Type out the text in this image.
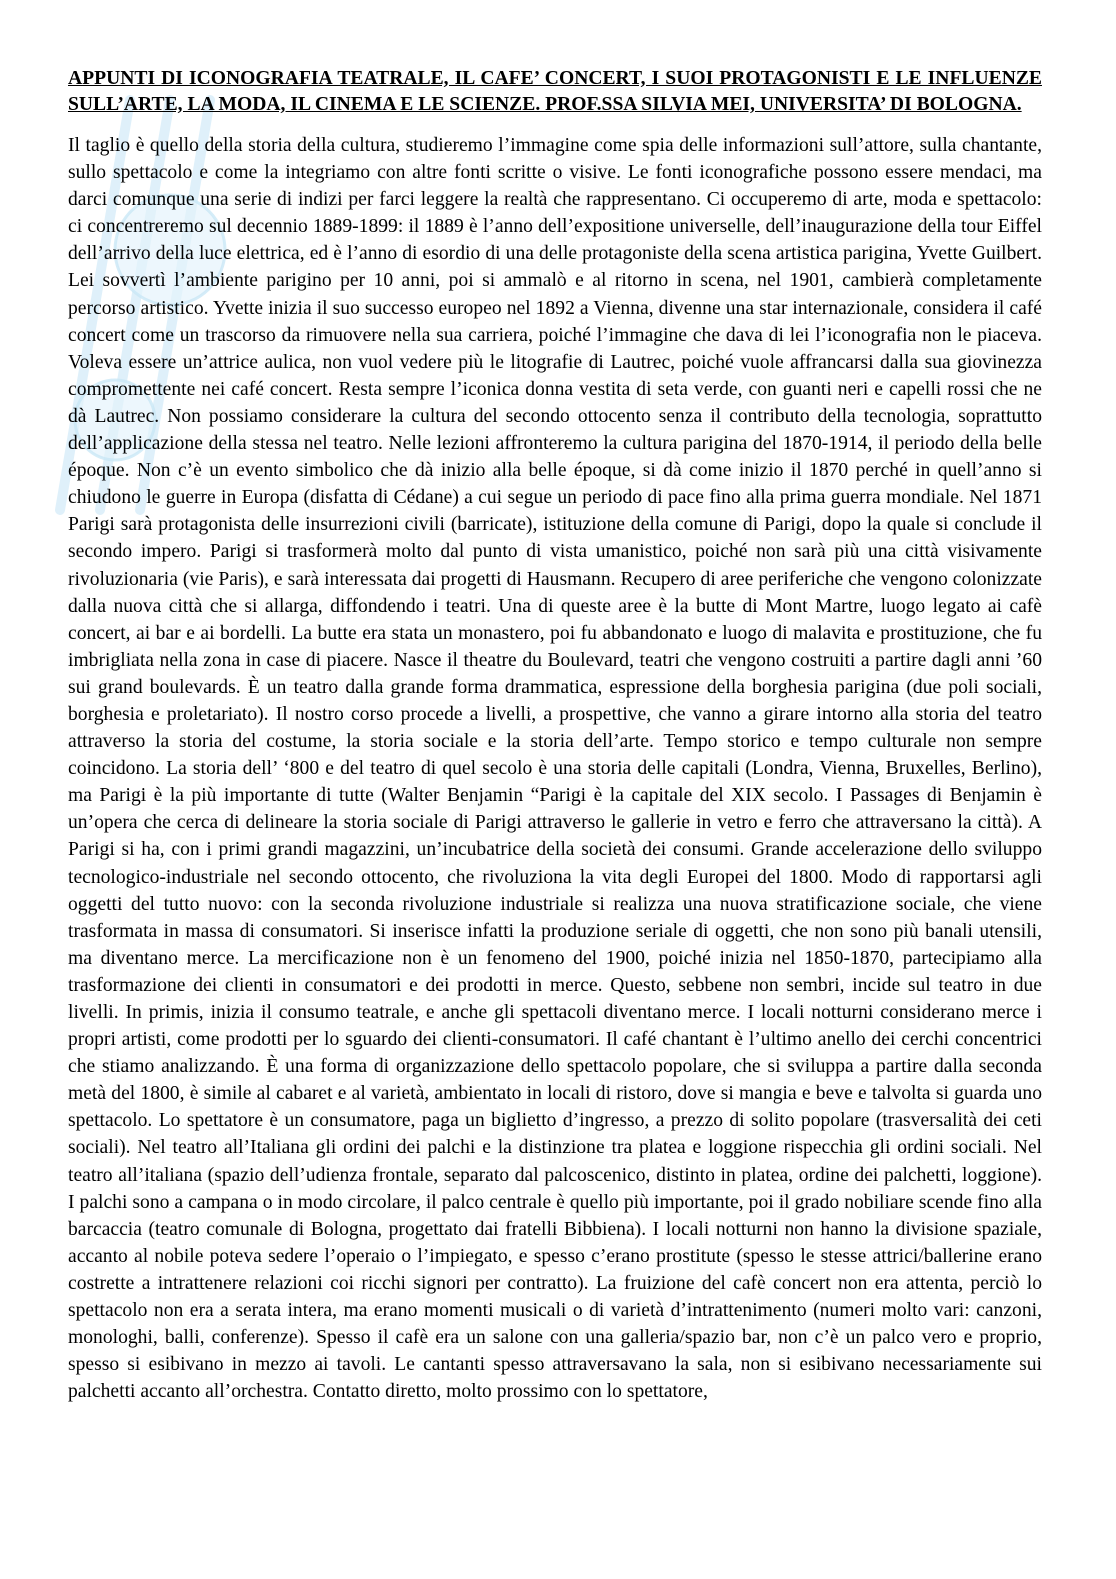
APPUNTI DI ICONOGRAFIA TEATRALE, IL CAFE’ CONCERT, I SUOI PROTAGONISTI E LE INFLUENZE SULL’ARTE, LA MODA, IL CINEMA E LE SCIENZE. PROF.SSA SILVIA MEI, UNIVERSITA’ DI BOLOGNA.

Il taglio è quello della storia della cultura, studieremo l’immagine come spia delle informazioni sull’attore, sulla chantante, sullo spettacolo e come la integriamo con altre fonti scritte o visive. Le fonti iconografiche possono essere mendaci, ma darci comunque una serie di indizi per farci leggere la realtà che rappresentano. Ci occuperemo di arte, moda e spettacolo: ci concentreremo sul decennio 1889-1899: il 1889 è l’anno dell’expositione universelle, dell’inaugurazione della tour Eiffel dell’arrivo della luce elettrica, ed è l’anno di esordio di una delle protagoniste della scena artistica parigina, Yvette Guilbert. Lei sovvertì l’ambiente parigino per 10 anni, poi si ammalò e al ritorno in scena, nel 1901, cambierà completamente percorso artistico. Yvette inizia il suo successo europeo nel 1892 a Vienna, divenne una star internazionale, considera il café concert come un trascorso da rimuovere nella sua carriera, poiché l’immagine che dava di lei l’iconografia non le piaceva. Voleva essere un’attrice aulica, non vuol vedere più le litografie di Lautrec, poiché vuole affrancarsi dalla sua giovinezza compromettente nei café concert. Resta sempre l’iconica donna vestita di seta verde, con guanti neri e capelli rossi che ne dà Lautrec. Non possiamo considerare la cultura del secondo ottocento senza il contributo della tecnologia, soprattutto dell’applicazione della stessa nel teatro. Nelle lezioni affronteremo la cultura parigina del 1870-1914, il periodo della belle époque. Non c’è un evento simbolico che dà inizio alla belle époque, si dà come inizio il 1870 perché in quell’anno si chiudono le guerre in Europa (disfatta di Cédane) a cui segue un periodo di pace fino alla prima guerra mondiale. Nel 1871 Parigi sarà protagonista delle insurrezioni civili (barricate), istituzione della comune di Parigi, dopo la quale si conclude il secondo impero. Parigi si trasformerà molto dal punto di vista umanistico, poiché non sarà più una città visivamente rivoluzionaria (vie Paris), e sarà interessata dai progetti di Hausmann. Recupero di aree periferiche che vengono colonizzate dalla nuova città che si allarga, diffondendo i teatri. Una di queste aree è la butte di Mont Martre, luogo legato ai cafè concert, ai bar e ai bordelli. La butte era stata un monastero, poi fu abbandonato e luogo di malavita e prostituzione, che fu imbrigliata nella zona in case di piacere. Nasce il theatre du Boulevard, teatri che vengono costruiti a partire dagli anni ’60 sui grand boulevards. È un teatro dalla grande forma drammatica, espressione della borghesia parigina (due poli sociali, borghesia e proletariato). Il nostro corso procede a livelli, a prospettive, che vanno a girare intorno alla storia del teatro attraverso la storia del costume, la storia sociale e la storia dell’arte. Tempo storico e tempo culturale non sempre coincidono. La storia dell’ ‘800 e del teatro di quel secolo è una storia delle capitali (Londra, Vienna, Bruxelles, Berlino), ma Parigi è la più importante di tutte (Walter Benjamin “Parigi è la capitale del XIX secolo. I Passages di Benjamin è un’opera che cerca di delineare la storia sociale di Parigi attraverso le gallerie in vetro e ferro che attraversano la città). A Parigi si ha, con i primi grandi magazzini, un’incubatrice della società dei consumi. Grande accelerazione dello sviluppo tecnologico-industriale nel secondo ottocento, che rivoluziona la vita degli Europei del 1800. Modo di rapportarsi agli oggetti del tutto nuovo: con la seconda rivoluzione industriale si realizza una nuova stratificazione sociale, che viene trasformata in massa di consumatori. Si inserisce infatti la produzione seriale di oggetti, che non sono più banali utensili, ma diventano merce. La mercificazione non è un fenomeno del 1900, poiché inizia nel 1850-1870, partecipiamo alla trasformazione dei clienti in consumatori e dei prodotti in merce. Questo, sebbene non sembri, incide sul teatro in due livelli. In primis, inizia il consumo teatrale, e anche gli spettacoli diventano merce. I locali notturni considerano merce i propri artisti, come prodotti per lo sguardo dei clienti-consumatori. Il café chantant è l’ultimo anello dei cerchi concentrici che stiamo analizzando. È una forma di organizzazione dello spettacolo popolare, che si sviluppa a partire dalla seconda metà del 1800, è simile al cabaret e al varietà, ambientato in locali di ristoro, dove si mangia e beve e talvolta si guarda uno spettacolo. Lo spettatore è un consumatore, paga un biglietto d’ingresso, a prezzo di solito popolare (trasversalità dei ceti sociali). Nel teatro all’Italiana gli ordini dei palchi e la distinzione tra platea e loggione rispecchia gli ordini sociali. Nel teatro all’italiana (spazio dell’udienza frontale, separato dal palcoscenico, distinto in platea, ordine dei palchetti, loggione). I palchi sono a campana o in modo circolare, il palco centrale è quello più importante, poi il grado nobiliare scende fino alla barcaccia (teatro comunale di Bologna, progettato dai fratelli Bibbiena). I locali notturni non hanno la divisione spaziale, accanto al nobile poteva sedere l’operaio o l’impiegato, e spesso c’erano prostitute (spesso le stesse attrici/ballerine erano costrette a intrattenere relazioni coi ricchi signori per contratto). La fruizione del cafè concert non era attenta, perciò lo spettacolo non era a serata intera, ma erano momenti musicali o di varietà d’intrattenimento (numeri molto vari: canzoni, monologhi, balli, conferenze). Spesso il cafè era un salone con una galleria/spazio bar, non c’è un palco vero e proprio, spesso si esibivano in mezzo ai tavoli. Le cantanti spesso attraversavano la sala, non si esibivano necessariamente sui palchetti accanto all’orchestra. Contatto diretto, molto prossimo con lo spettatore,
